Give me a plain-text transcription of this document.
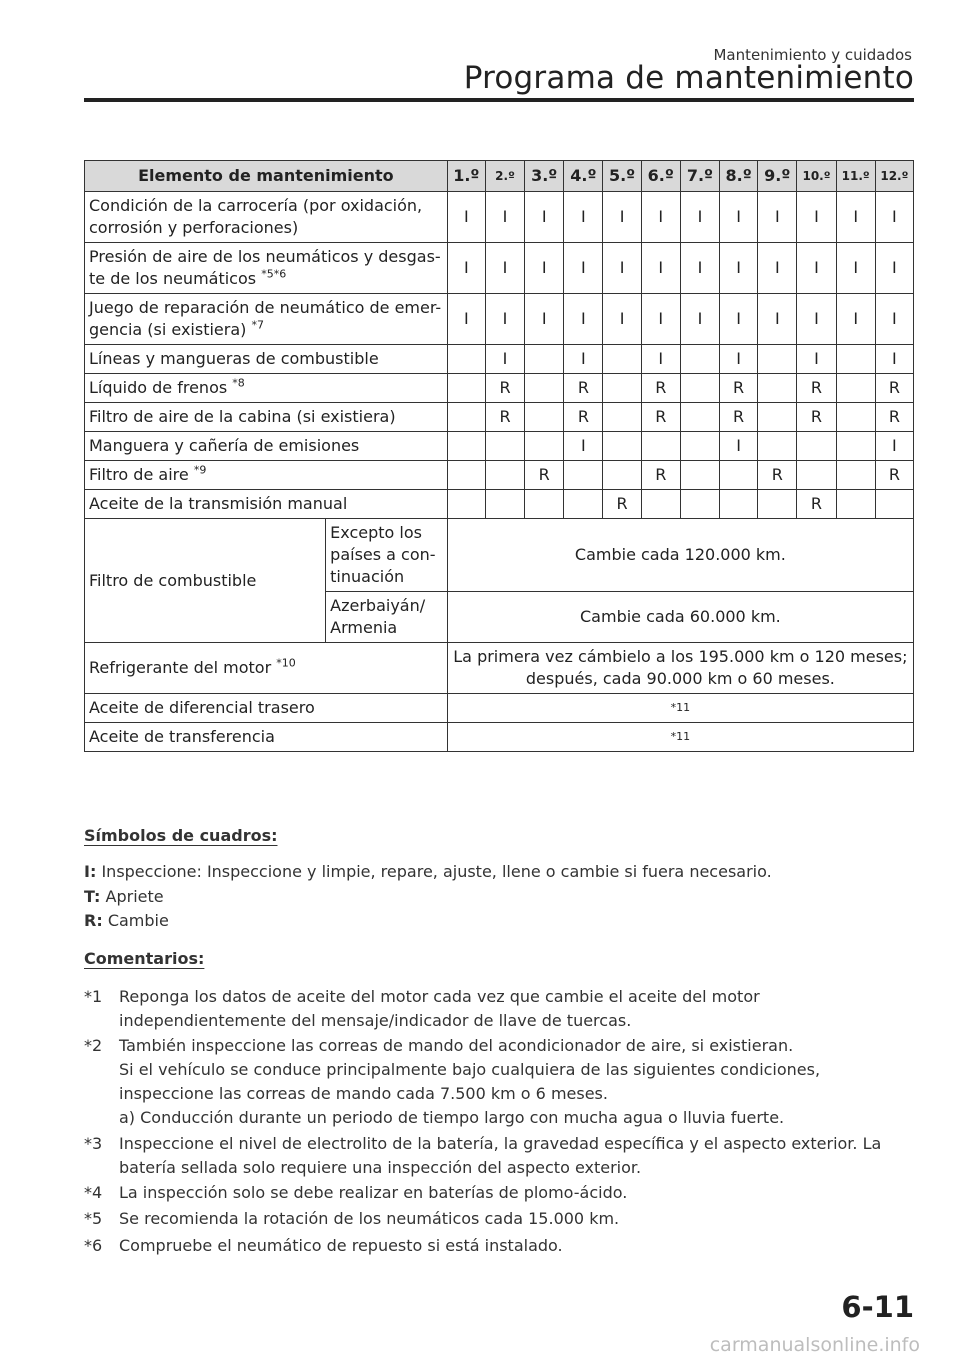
Mantenimiento y cuidados
Programa de mantenimiento
Elemento de mantenimiento		1.º	2.º	3.º	4.º	5.º	6.º	7.º	8.º	9.º	10.º	11.º	12.º
Condición de la carrocería (por oxidación, corrosión y perforaciones)		I	I	I	I	I	I	I	I	I	I	I	I
Presión de aire de los neumáticos y desgas- te de los neumáticos $^{*5*6}$		I	I	I	I	I	I	I	I	I	I	I	I
Juego de reparación de neumático de emer- gencia (si existiera) $^{*7}$		I	I	I	I	I	I	I	I	I	I	I	I
Líneas y mangueras de combustible			I		I		I		I		I		I
Líquido de frenos $^{*8}$			R		R		R		R		R		R
Filtro de aire de la cabina (si existiera)			R		R		R		R		R		R
Manguera y cañería de emisiones					I				I				I
Filtro de aire $^{*9}$				R			R			R			R
Aceite de la transmisión manual						R					R		
Filtro de combustible	Excepto los países a con- tinuación	Cambie cada 120.000 km.											
	Azerbaiyán/ Armenia	Cambie cada 60.000 km.											
Refrigerante del motor $^{*10}$		La primera vez cámbielo a los 195.000 km o 120 meses; después, cada 90.000 km o 60 meses.											
Aceite de diferencial trasero		*11											
Aceite de transferencia		*11											
Símbolos de cuadros:
I: Inspeccione: Inspeccione y limpie, repare, ajuste, llene o cambie si fuera necesario.
T: Apriete
R: Cambie
Comentarios:
*1 Reponga los datos de aceite del motor cada vez que cambie el aceite del motor independientemente del mensaje/indicador de llave de tuercas.
*2 También inspeccione las correas de mando del acondicionador de aire, si existieran.
Si el vehículo se conduce principalmente bajo cualquiera de las siguientes condiciones, inspeccione las correas de mando cada 7.500 km o 6 meses.
a) Conducción durante un periodo de tiempo largo con mucha agua o lluvia fuerte.
*3 Inspeccione el nivel de electrolito de la batería, la gravedad específica y el aspecto exterior. La batería sellada solo requiere una inspección del aspecto exterior.
*4 La inspección solo se debe realizar en baterías de plomo-ácido.
*5 Se recomienda la rotación de los neumáticos cada 15.000 km.
*6 Compruebe el neumático de repuesto si está instalado.
6-11
carmanualsonline.info
